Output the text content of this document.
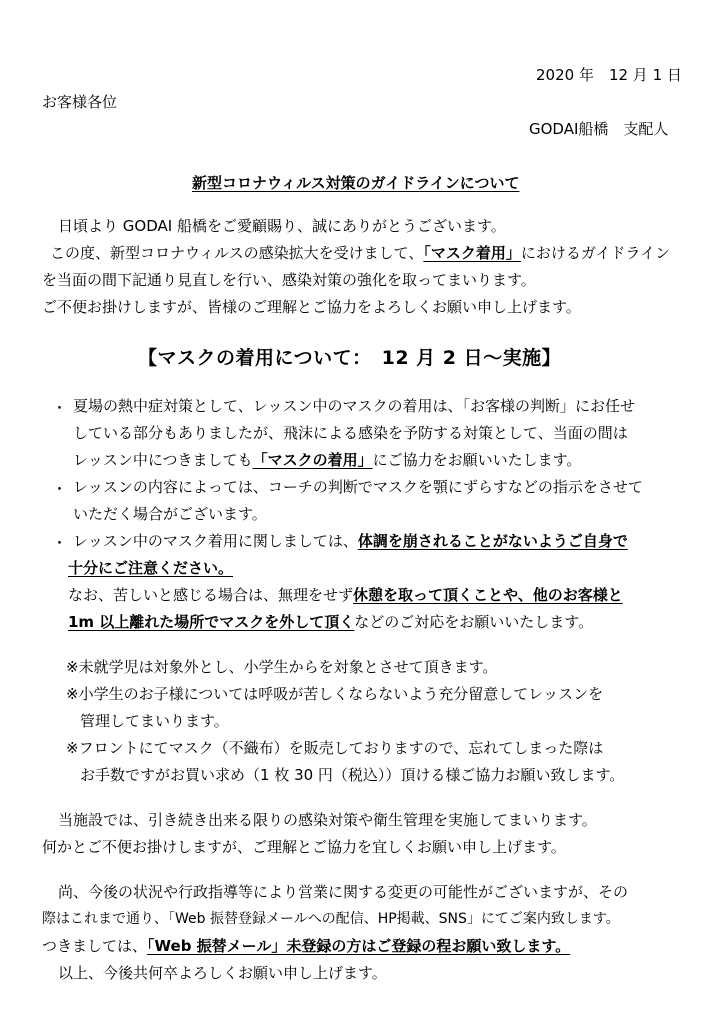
2020 年　12 月 1 日
お客様各位
GODAI船橋　支配人
新型コロナウィルス対策のガイドラインについて
日頃より GODAI 船橋をご愛顧賜り、誠にありがとうございます。
この度、新型コロナウィルスの感染拡大を受けまして、「マスク着用」におけるガイドライン
を当面の間下記通り見直しを行い、感染対策の強化を取ってまいります。
ご不便お掛けしますが、皆様のご理解とご協力をよろしくお願い申し上げます。
【マスクの着用について：　12 月 2 日～実施】
・ 夏場の熱中症対策として、レッスン中のマスクの着用は、「お客様の判断」にお任せ
している部分もありましたが、飛沫による感染を予防する対策として、当面の間は
レッスン中につきましても「マスクの着用」にご協力をお願いいたします。
・ レッスンの内容によっては、コーチの判断でマスクを顎にずらすなどの指示をさせて
いただく場合がございます。
・ レッスン中のマスク着用に関しましては、体調を崩されることがないようご自身で
十分にご注意ください。
なお、苦しいと感じる場合は、無理をせず休憩を取って頂くことや、他のお客様と
1m 以上離れた場所でマスクを外して頂くなどのご対応をお願いいたします。
※未就学児は対象外とし、小学生からを対象とさせて頂きます。
※小学生のお子様については呼吸が苦しくならないよう充分留意してレッスンを
管理してまいります。
※フロントにてマスク（不織布）を販売しておりますので、忘れてしまった際は
お手数ですがお買い求め（1 枚 30 円（税込））頂ける様ご協力お願い致します。
当施設では、引き続き出来る限りの感染対策や衛生管理を実施してまいります。
何かとご不便お掛けしますが、ご理解とご協力を宜しくお願い申し上げます。
尚、今後の状況や行政指導等により営業に関する変更の可能性がございますが、その
際はこれまで通り、「Web 振替登録メールへの配信、HP掲載、SNS」にてご案内致します。
つきましては、「Web 振替メール」未登録の方はご登録の程お願い致します。
以上、今後共何卒よろしくお願い申し上げます。
